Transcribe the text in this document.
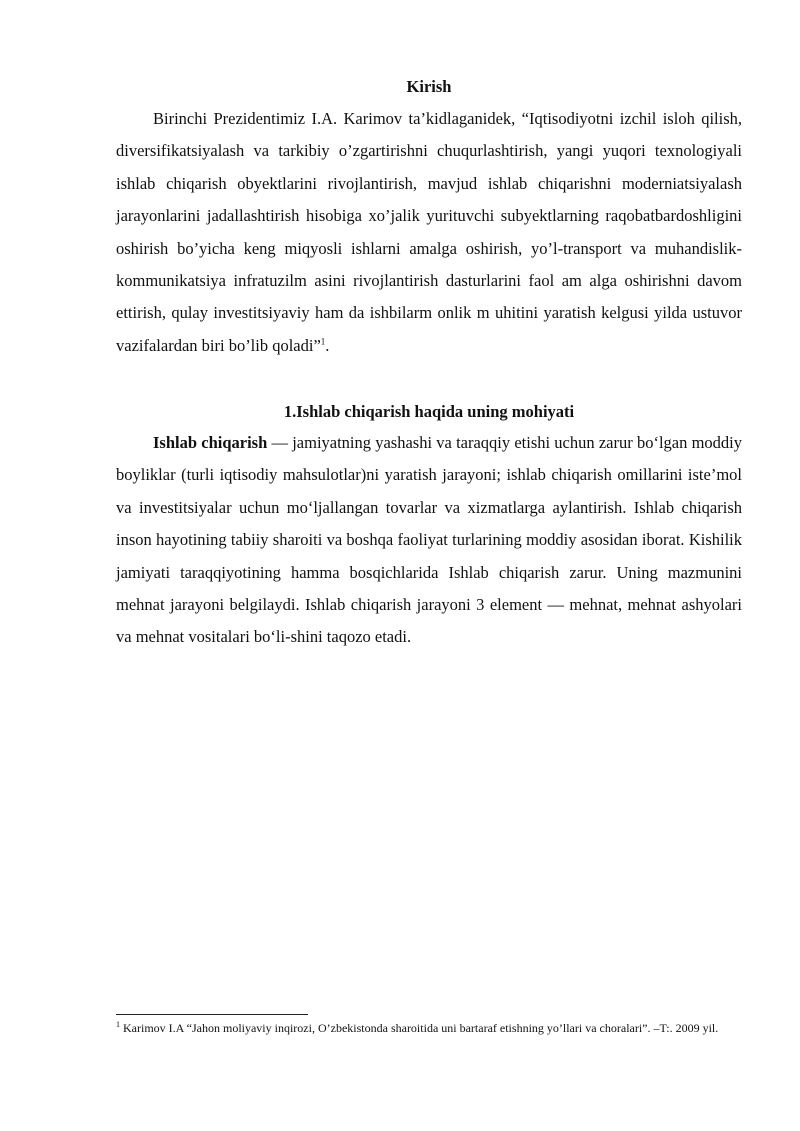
Kirish

Birinchi Prezidentimiz I.A. Karimov ta’kidlaganidek, “Iqtisodiyotni izchil isloh qilish, diversifikatsiyalash va tarkibiy o’zgartirishni chuqurlashtirish, yangi yuqori texnologiyali ishlab chiqarish obyektlarini rivojlantirish, mavjud ishlab chiqarishni moderniatsiyalash jarayonlarini jadallashtirish hisobiga xo’jalik yurituvchi subyektlarning raqobatbardoshligini oshirish bo’yicha keng miqyosli ishlarni amalga oshirish, yo’l-transport va muhandislik-kommunikatsiya infratuzilm asini rivojlantirish dasturlarini faol am alga oshirishni davom ettirish, qulay investitsiyaviy ham da ishbilarm onlik m uhitini yaratish kelgusi yilda ustuvor vazifalardan biri bo’lib qoladi”$^1$.

1.Ishlab chiqarish haqida uning mohiyati

Ishlab chiqarish — jamiyatning yashashi va taraqqiy etishi uchun zarur bo‘lgan moddiy boyliklar (turli iqtisodiy mahsulotlar)ni yaratish jarayoni; ishlab chiqarish omillarini iste’mol va investitsiyalar uchun mo‘ljallangan tovarlar va xizmatlarga aylantirish. Ishlab chiqarish inson hayotining tabiiy sharoiti va boshqa faoliyat turlarining moddiy asosidan iborat. Kishilik jamiyati taraqqiyotining hamma bosqichlarida Ishlab chiqarish zarur. Uning mazmunini mehnat jarayoni belgilaydi. Ishlab chiqarish jarayoni 3 element — mehnat, mehnat ashyolari va mehnat vositalari bo‘li-shini taqozo etadi.

$^1$ Karimov I.A “Jahon moliyaviy inqirozi, O’zbekistonda sharoitida uni bartaraf etishning yo’llari va choralari”. –T:. 2009 yil.
